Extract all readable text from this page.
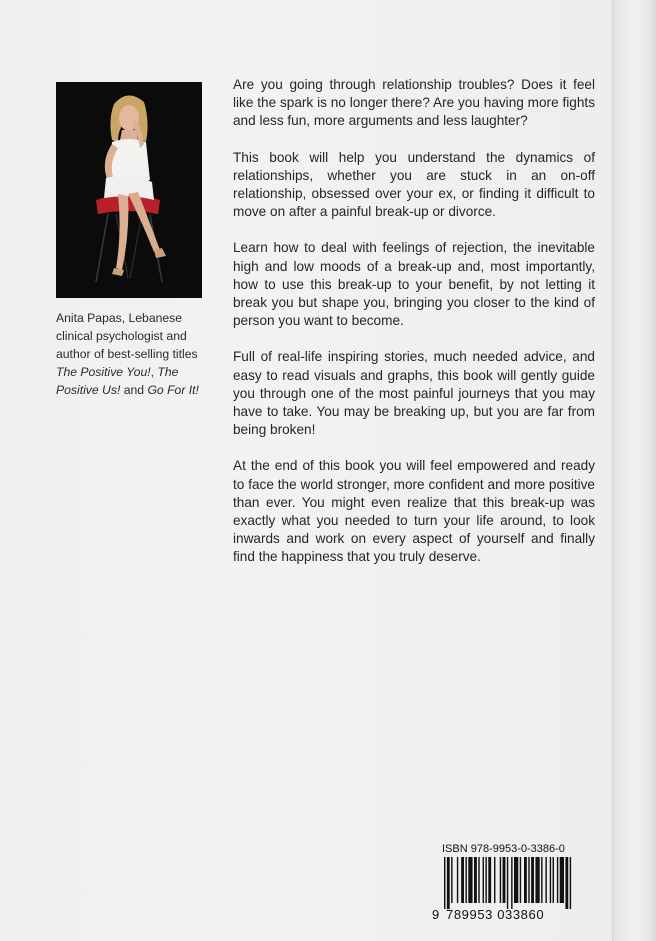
Anita Papas, Lebanese
clinical psychologist and
author of best-selling titles
The Positive You!, The
Positive Us! and Go For It!

Are you going through relationship troubles? Does it feel like the spark is no longer there? Are you having more fights and less fun, more arguments and less laughter?

This book will help you understand the dynamics of relationships, whether you are stuck in an on-off relationship, obsessed over your ex, or finding it difficult to move on after a painful break-up or divorce.

Learn how to deal with feelings of rejection, the inevitable high and low moods of a break-up and, most importantly, how to use this break-up to your benefit, by not letting it break you but shape you, bringing you closer to the kind of person you want to become.

Full of real-life inspiring stories, much needed advice, and easy to read visuals and graphs, this book will gently guide you through one of the most painful journeys that you may have to take. You may be breaking up, but you are far from being broken!

At the end of this book you will feel empowered and ready to face the world stronger, more confident and more positive than ever. You might even realize that this break-up was exactly what you needed to turn your life around, to look inwards and work on every aspect of yourself and finally find the happiness that you truly deserve.

ISBN 978-9953-0-3386-0
9 789953 033860
